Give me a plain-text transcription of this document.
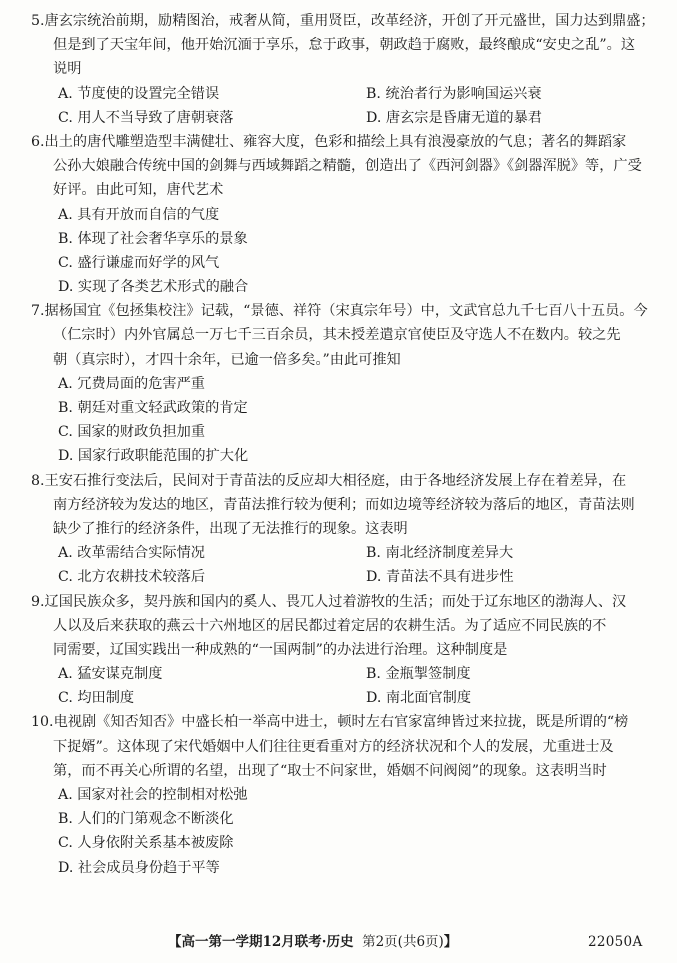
5.唐玄宗统治前期，励精图治，戒奢从简，重用贤臣，改革经济，开创了开元盛世，国力达到鼎盛；
但是到了天宝年间，他开始沉湎于享乐，怠于政事，朝政趋于腐败，最终酿成“安史之乱”。这
说明
A. 节度使的设置完全错误	B. 统治者行为影响国运兴衰
C. 用人不当导致了唐朝衰落	D. 唐玄宗是昏庸无道的暴君
6.出土的唐代雕塑造型丰满健壮、雍容大度，色彩和描绘上具有浪漫豪放的气息；著名的舞蹈家
公孙大娘融合传统中国的剑舞与西域舞蹈之精髓，创造出了《西河剑器》《剑器浑脱》等，广受
好评。由此可知，唐代艺术
A. 具有开放而自信的气度
B. 体现了社会奢华享乐的景象
C. 盛行谦虚而好学的风气
D. 实现了各类艺术形式的融合
7.据杨国宜《包拯集校注》记载，“景德、祥符（宋真宗年号）中，文武官总九千七百八十五员。今
（仁宗时）内外官属总一万七千三百余员，其未授差遣京官使臣及守选人不在数内。较之先
朝（真宗时），才四十余年，已逾一倍多矣。”由此可推知
A. 冗费局面的危害严重
B. 朝廷对重文轻武政策的肯定
C. 国家的财政负担加重
D. 国家行政职能范围的扩大化
8.王安石推行变法后，民间对于青苗法的反应却大相径庭，由于各地经济发展上存在着差异，在
南方经济较为发达的地区，青苗法推行较为便利；而如边境等经济较为落后的地区，青苗法则
缺少了推行的经济条件，出现了无法推行的现象。这表明
A. 改革需结合实际情况	B. 南北经济制度差异大
C. 北方农耕技术较落后	D. 青苗法不具有进步性
9.辽国民族众多，契丹族和国内的奚人、畏兀人过着游牧的生活；而处于辽东地区的渤海人、汉
人以及后来获取的燕云十六州地区的居民都过着定居的农耕生活。为了适应不同民族的不
同需要，辽国实践出一种成熟的“一国两制”的办法进行治理。这种制度是
A. 猛安谋克制度	B. 金瓶掣签制度
C. 均田制度	D. 南北面官制度
10.电视剧《知否知否》中盛长柏一举高中进士，顿时左右官家富绅皆过来拉拢，既是所谓的“榜
下捉婿”。这体现了宋代婚姻中人们往往更看重对方的经济状况和个人的发展，尤重进士及
第，而不再关心所谓的名望，出现了“取士不问家世，婚姻不问阀阅”的现象。这表明当时
A. 国家对社会的控制相对松弛
B. 人们的门第观念不断淡化
C. 人身依附关系基本被废除
D. 社会成员身份趋于平等
【高一第一学期12月联考·历史 第2页(共6页)】	22050A
